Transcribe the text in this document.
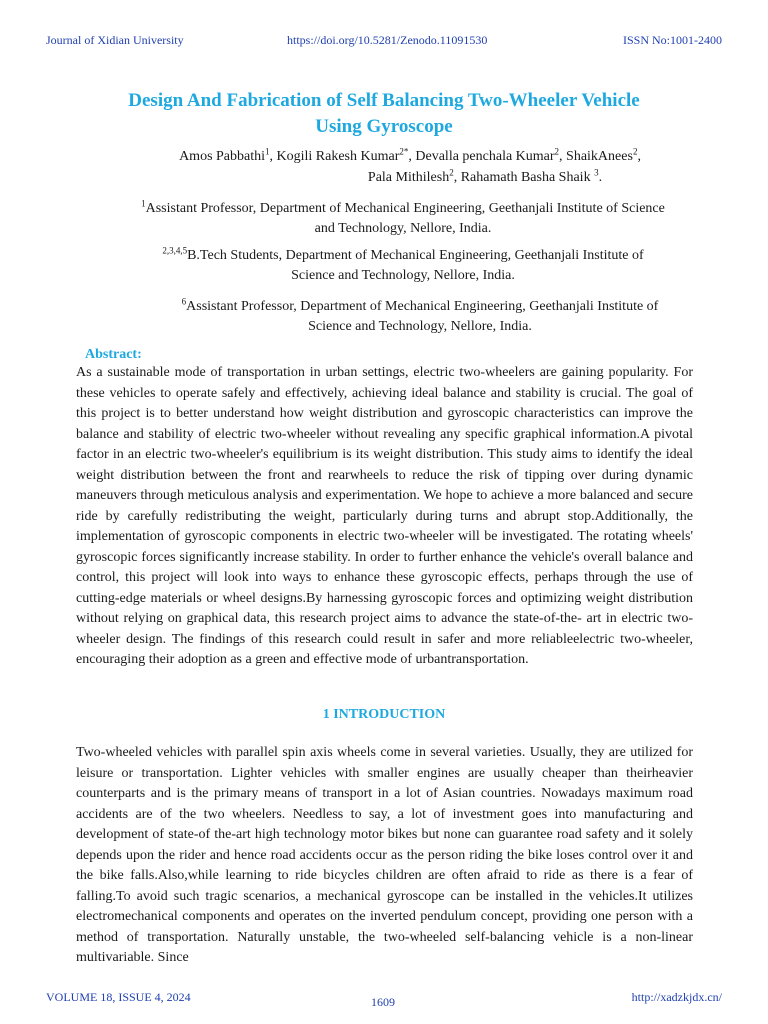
Journal of Xidian University	https://doi.org/10.5281/Zenodo.11091530	ISSN No:1001-2400
Design And Fabrication of Self Balancing Two-Wheeler Vehicle
Using Gyroscope
Amos Pabbathi$^1$, Kogili Rakesh Kumar$^{2*}$, Devalla penchala Kumar$^2$, ShaikAnees$^2$,
Pala Mithilesh$^2$, Rahamath Basha Shaik $^3$.
$^1$Assistant Professor, Department of Mechanical Engineering, Geethanjali Institute of Science
and Technology, Nellore, India.
$^{2,3,4,5}$B.Tech Students, Department of Mechanical Engineering, Geethanjali Institute of
Science and Technology, Nellore, India.
$^6$Assistant Professor, Department of Mechanical Engineering, Geethanjali Institute of
Science and Technology, Nellore, India.
Abstract:
As a sustainable mode of transportation in urban settings, electric two-wheelers are gaining popularity. For these vehicles to operate safely and effectively, achieving ideal balance and stability is crucial. The goal of this project is to better understand how weight distribution and gyroscopic characteristics can improve the balance and stability of electric two-wheeler without revealing any specific graphical information.A pivotal factor in an electric two-wheeler's equilibrium is its weight distribution. This study aims to identify the ideal weight distribution between the front and rearwheels to reduce the risk of tipping over during dynamic maneuvers through meticulous analysis and experimentation. We hope to achieve a more balanced and secure ride by carefully redistributing the weight, particularly during turns and abrupt stop.Additionally, the implementation of gyroscopic components in electric two-wheeler will be investigated. The rotating wheels' gyroscopic forces significantly increase stability. In order to further enhance the vehicle's overall balance and control, this project will look into ways to enhance these gyroscopic effects, perhaps through the use of cutting-edge materials or wheel designs.By harnessing gyroscopic forces and optimizing weight distribution without relying on graphical data, this research project aims to advance the state-of-the- art in electric two-wheeler design. The findings of this research could result in safer and more reliableelectric two-wheeler, encouraging their adoption as a green and effective mode of urbantransportation.
1 INTRODUCTION
Two-wheeled vehicles with parallel spin axis wheels come in several varieties. Usually, they are utilized for leisure or transportation. Lighter vehicles with smaller engines are usually cheaper than theirheavier counterparts and is the primary means of transport in a lot of Asian countries. Nowadays maximum road accidents are of the two wheelers. Needless to say, a lot of investment goes into manufacturing and development of state-of the-art high technology motor bikes but none can guarantee road safety and it solely depends upon the rider and hence road accidents occur as the person riding the bike loses control over it and the bike falls.Also,while learning to ride bicycles children are often afraid to ride as there is a fear of falling.To avoid such tragic scenarios, a mechanical gyroscope can be installed in the vehicles.It utilizes electromechanical components and operates on the inverted pendulum concept, providing one person with a method of transportation. Naturally unstable, the two-wheeled self-balancing vehicle is a non-linear multivariable. Since
VOLUME 18, ISSUE 4, 2024	1609	http://xadzkjdx.cn/
